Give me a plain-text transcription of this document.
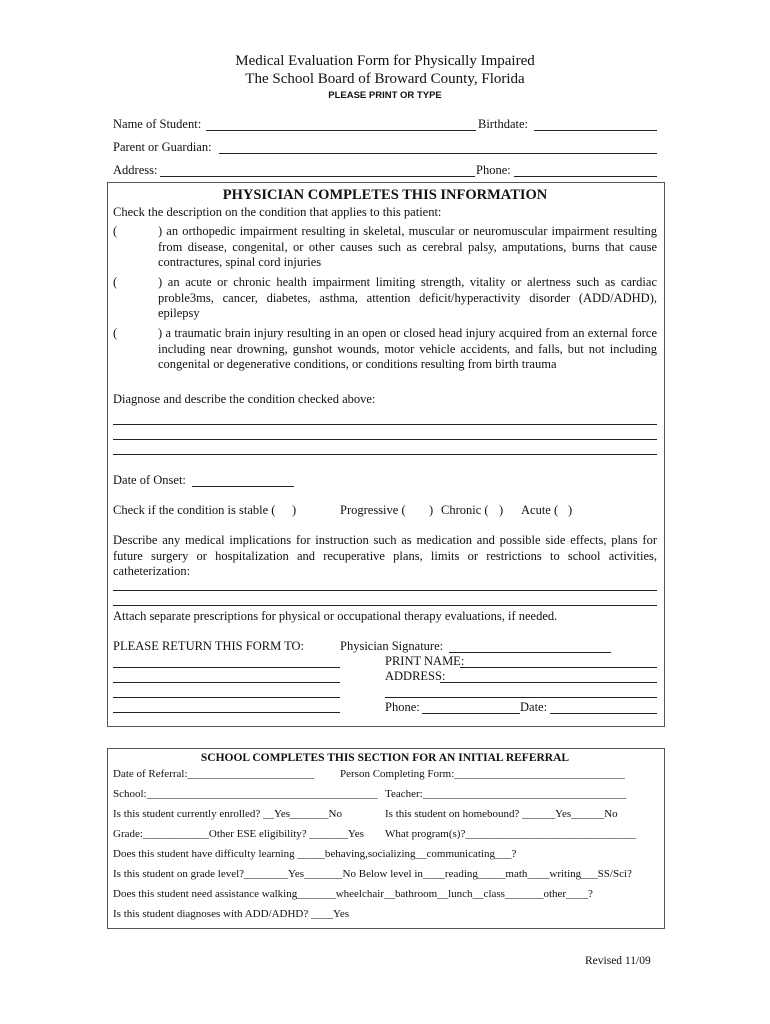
Medical Evaluation Form for Physically Impaired
The School Board of Broward County, Florida
PLEASE PRINT OR TYPE
Name of Student:	Birthdate:
Parent or Guardian:
Address:	Phone:
PHYSICIAN COMPLETES THIS INFORMATION
Check the description on the condition that applies to this patient:
(	) an orthopedic impairment resulting in skeletal, muscular or neuromuscular impairment resulting from disease, congenital, or other causes such as cerebral palsy, amputations, burns that cause contractures, spinal cord injuries
(	) an acute or chronic health impairment limiting strength, vitality or alertness such as cardiac proble3ms, cancer, diabetes, asthma, attention deficit/hyperactivity disorder (ADD/ADHD), epilepsy
(	) a traumatic brain injury resulting in an open or closed head injury acquired from an external force including near drowning, gunshot wounds, motor vehicle accidents, and falls, but not including congenital or degenerative conditions, or conditions resulting from birth trauma
Diagnose and describe the condition checked above:
Date of Onset:
Check if the condition is stable ( )	Progressive ( ) Chronic ( ) Acute ( )
Describe any medical implications for instruction such as medication and possible side effects, plans for future surgery or hospitalization and recuperative plans, limits or restrictions to school activities, catheterization:
Attach separate prescriptions for physical or occupational therapy evaluations, if needed.
PLEASE RETURN THIS FORM TO:	Physician Signature:
PRINT NAME:
ADDRESS:
Phone:	Date:
SCHOOL COMPLETES THIS SECTION FOR AN INITIAL REFERRAL
Date of Referral:_______________________ Person Completing Form:_______________________________
School:__________________________________________ Teacher:_____________________________________
Is this student currently enrolled? __Yes_______No	Is this student on homebound? ______Yes______No
Grade:____________Other ESE eligibility? _______Yes What program(s)?_______________________________
Does this student have difficulty learning _____behaving,socializing__communicating___?
Is this student on grade level?________Yes_______No Below level in____reading_____math____writing___SS/Sci?
Does this student need assistance walking_______wheelchair__bathroom__lunch__class_______other____?
Is this student diagnoses with ADD/ADHD? ____Yes
Revised 11/09
